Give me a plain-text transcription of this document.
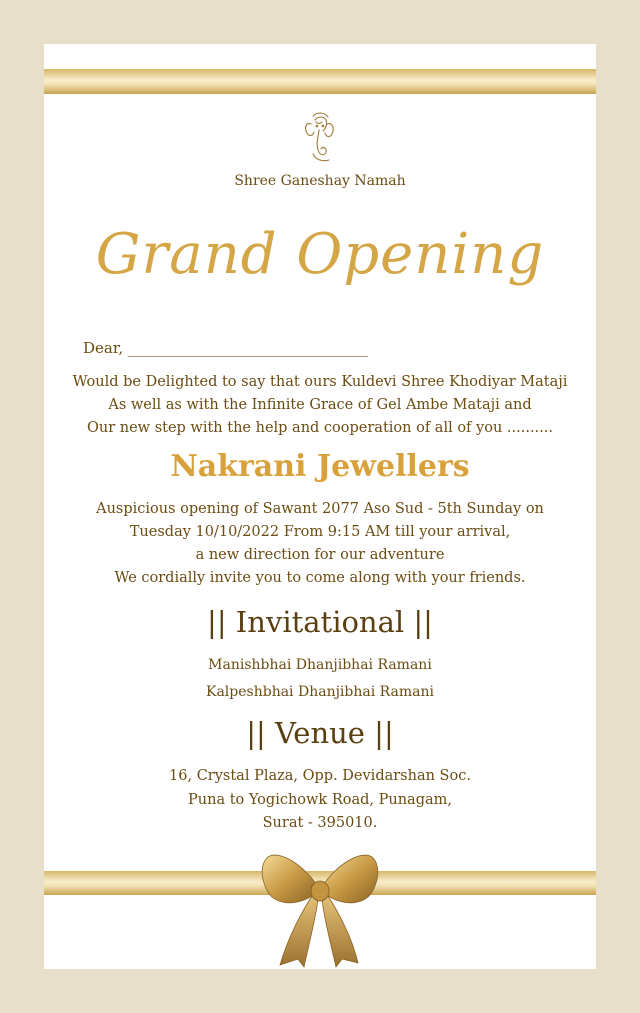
Shree Ganeshay Namah
Grand Opening
Dear, ________________________________
Would be Delighted to say that ours Kuldevi Shree Khodiyar Mataji
As well as with the Infinite Grace of Gel Ambe Mataji and
Our new step with the help and cooperation of all of you ..........
Nakrani Jewellers
Auspicious opening of Sawant 2077 Aso Sud - 5th Sunday on
Tuesday 10/10/2022 From 9:15 AM till your arrival,
a new direction for our adventure
We cordially invite you to come along with your friends.
|| Invitational ||
Manishbhai Dhanjibhai Ramani
Kalpeshbhai Dhanjibhai Ramani
|| Venue ||
16, Crystal Plaza, Opp. Devidarshan Soc.
Puna to Yogichowk Road, Punagam,
Surat - 395010.
